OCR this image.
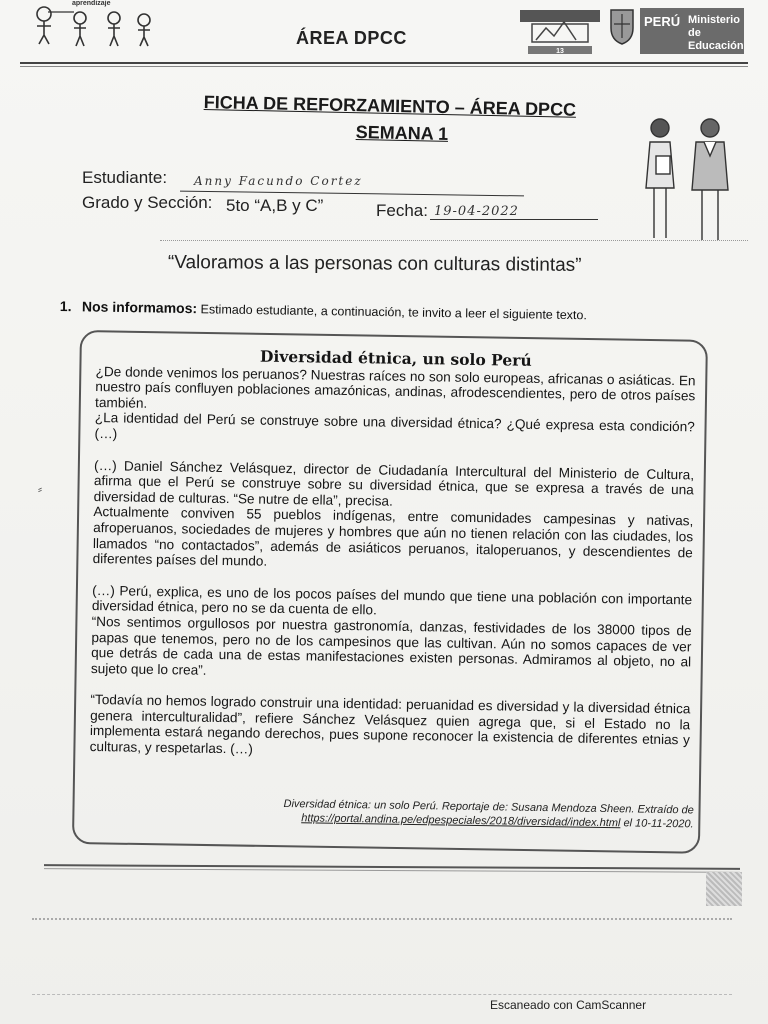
aprendizaje
ÁREA DPCC
13
PERÚ Ministerio de Educación
FICHA DE REFORZAMIENTO – ÁREA DPCC
SEMANA 1
Estudiante: Anny Facundo Cortez
Grado y Sección: 5to “A,B y C”	Fecha: 19-04-2022
“Valoramos a las personas con culturas distintas”
1. Nos informamos: Estimado estudiante, a continuación, te invito a leer el siguiente texto.
Diversidad étnica, un solo Perú

¿De donde venimos los peruanos? Nuestras raíces no son solo europeas, africanas o asiáticas. En nuestro país confluyen poblaciones amazónicas, andinas, afrodescendientes, pero de otros países también.

¿La identidad del Perú se construye sobre una diversidad étnica? ¿Qué expresa esta condición? (…)

(…) Daniel Sánchez Velásquez, director de Ciudadanía Intercultural del Ministerio de Cultura, afirma que el Perú se construye sobre su diversidad étnica, que se expresa a través de una diversidad de culturas. “Se nutre de ella”, precisa.

Actualmente conviven 55 pueblos indígenas, entre comunidades campesinas y nativas, afroperuanos, sociedades de mujeres y hombres que aún no tienen relación con las ciudades, los llamados “no contactados”, además de asiáticos peruanos, italoperuanos, y descendientes de diferentes países del mundo.

(…) Perú, explica, es uno de los pocos países del mundo que tiene una población con importante diversidad étnica, pero no se da cuenta de ello.

“Nos sentimos orgullosos por nuestra gastronomía, danzas, festividades de los 38000 tipos de papas que tenemos, pero no de los campesinos que las cultivan. Aún no somos capaces de ver que detrás de cada una de estas manifestaciones existen personas. Admiramos al objeto, no al sujeto que lo crea”.

“Todavía no hemos logrado construir una identidad: peruanidad es diversidad y la diversidad étnica genera interculturalidad”, refiere Sánchez Velásquez quien agrega que, si el Estado no la implementa estará negando derechos, pues supone reconocer la existencia de diferentes etnias y culturas, y respetarlas. (…)

Diversidad étnica: un solo Perú. Reportaje de: Susana Mendoza Sheen. Extraído de
https://portal.andina.pe/edpespeciales/2018/diversidad/index.html el 10-11-2020.
⸗
Escaneado con CamScanner
